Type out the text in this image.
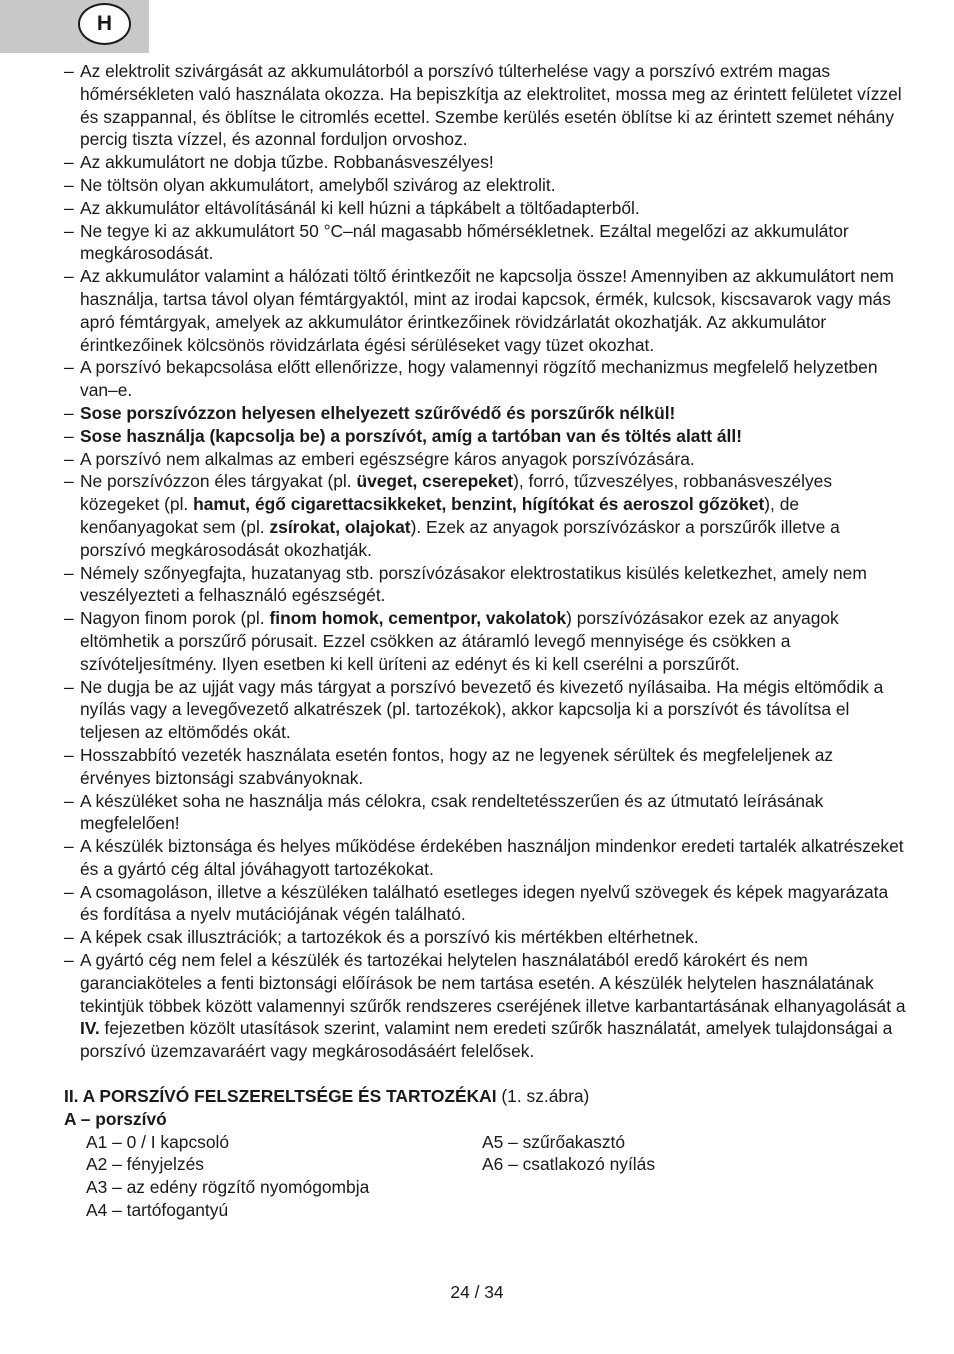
H
– Az elektrolit szivárgását az akkumulátorból a porszívó túlterhelése vagy a porszívó extrém magas hőmérsékleten való használata okozza. Ha bepiszkítja az elektrolitet, mossa meg az érintett felületet vízzel és szappannal, és öblítse le citromlés ecettel. Szembe kerülés esetén öblítse ki az érintett szemet néhány percig tiszta vízzel, és azonnal forduljon orvoshoz.
– Az akkumulátort ne dobja tűzbe. Robbanásveszélyes!
– Ne töltsön olyan akkumulátort, amelyből szivárog az elektrolit.
– Az akkumulátor eltávolításánál ki kell húzni a tápkábelt a töltőadapterből.
– Ne tegye ki az akkumulátort 50 °C–nál magasabb hőmérsékletnek. Ezáltal megelőzi az akkumulátor megkárosodását.
– Az akkumulátor valamint a hálózati töltő érintkezőit ne kapcsolja össze! Amennyiben az akkumulátort nem használja, tartsa távol olyan fémtárgyaktól, mint az irodai kapcsok, érmék, kulcsok, kiscsavarok vagy más apró fémtárgyak, amelyek az akkumulátor érintkezőinek rövidzárlatát okozhatják. Az akkumulátor érintkezőinek kölcsönös rövidzárlata égési sérüléseket vagy tüzet okozhat.
– A porszívó bekapcsolása előtt ellenőrizze, hogy valamennyi rögzítő mechanizmus megfelelő helyzetben van–e.
– Sose porszívózzon helyesen elhelyezett szűrővédő és porszűrők nélkül!
– Sose használja (kapcsolja be) a porszívót, amíg a tartóban van és töltés alatt áll!
– A porszívó nem alkalmas az emberi egészségre káros anyagok porszívózására.
– Ne porszívózzon éles tárgyakat (pl. üveget, cserepeket), forró, tűzveszélyes, robbanásveszélyes közegeket (pl. hamut, égő cigarettacsikkeket, benzint, hígítókat és aeroszol gőzöket), de kenőanyagokat sem (pl. zsírokat, olajokat). Ezek az anyagok porszívózáskor a porszűrők illetve a porszívó megkárosodását okozhatják.
– Némely szőnyegfajta, huzatanyag stb. porszívózásakor elektrostatikus kisülés keletkezhet, amely nem veszélyezteti a felhasználó egészségét.
– Nagyon finom porok (pl. finom homok, cementpor, vakolatok) porszívózásakor ezek az anyagok eltömhetik a porszűrő pórusait. Ezzel csökken az átáramló levegő mennyisége és csökken a szívóteljesítmény. Ilyen esetben ki kell üríteni az edényt és ki kell cserélni a porszűrőt.
– Ne dugja be az ujját vagy más tárgyat a porszívó bevezető és kivezető nyílásaiba. Ha mégis eltömődik a nyílás vagy a levegővezető alkatrészek (pl. tartozékok), akkor kapcsolja ki a porszívót és távolítsa el teljesen az eltömődés okát.
– Hosszabbító vezeték használata esetén fontos, hogy az ne legyenek sérültek és megfeleljenek az érvényes biztonsági szabványoknak.
– A készüléket soha ne használja más célokra, csak rendeltetésszerűen és az útmutató leírásának megfelelően!
– A készülék biztonsága és helyes működése érdekében használjon mindenkor eredeti tartalék alkatrészeket és a gyártó cég által jóváhagyott tartozékokat.
– A csomagoláson, illetve a készüléken található esetleges idegen nyelvű szövegek és képek magyarázata és fordítása a nyelv mutációjának végén található.
– A képek csak illusztrációk; a tartozékok és a porszívó kis mértékben eltérhetnek.
– A gyártó cég nem felel a készülék és tartozékai helytelen használatából eredő károkért és nem garanciaköteles a fenti biztonsági előírások be nem tartása esetén. A készülék helytelen használatának tekintjük többek között valamennyi szűrők rendszeres cseréjének illetve karbantartásának elhanyagolását a IV. fejezetben közölt utasítások szerint, valamint nem eredeti szűrők használatát, amelyek tulajdonságai a porszívó üzemzavaráért vagy megkárosodásáért felelősek.
II. A PORSZÍVÓ FELSZERELTSÉGE ÉS TARTOZÉKAI (1. sz.ábra)
A – porszívó
A1 – 0 / I kapcsoló	A5 – szűrőakasztó
A2 – fényjelzés	A6 – csatlakozó nyílás
A3 – az edény rögzítő nyomógombja
A4 – tartófogantyú
24 / 34
